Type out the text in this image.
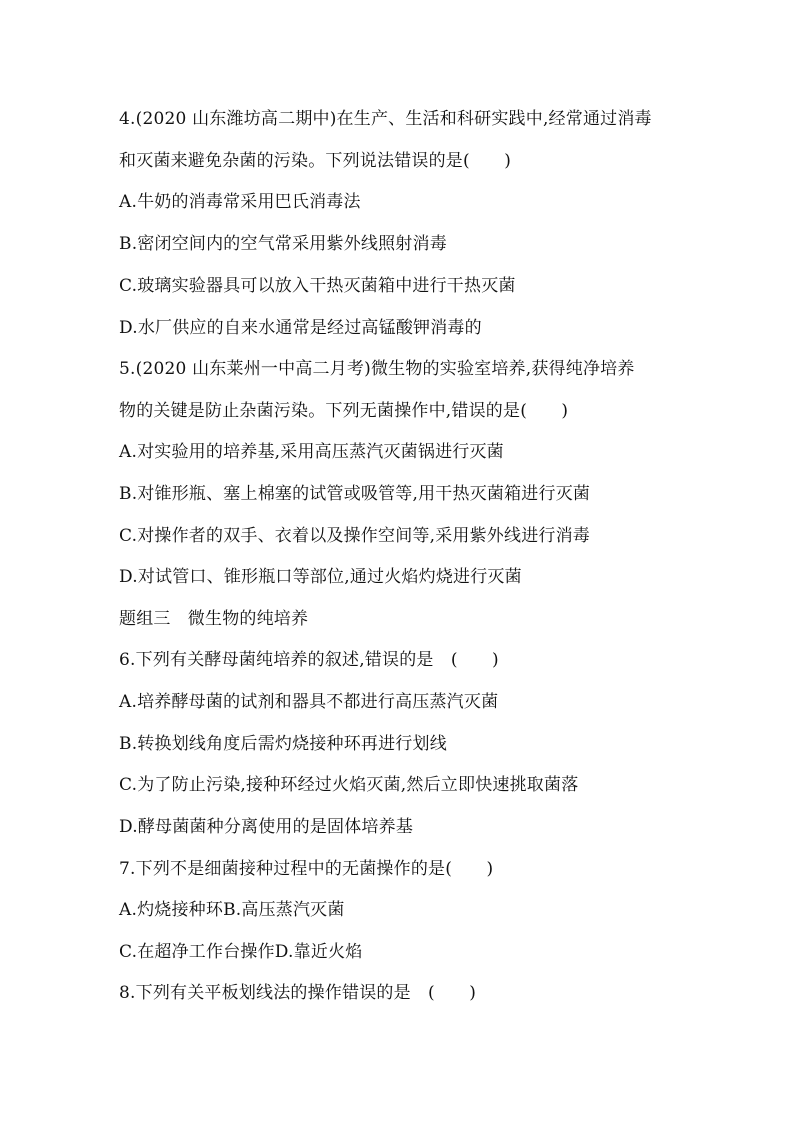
4.(2020 山东潍坊高二期中)在生产、生活和科研实践中,经常通过消毒
和灭菌来避免杂菌的污染。下列说法错误的是(　　)
A.牛奶的消毒常采用巴氏消毒法
B.密闭空间内的空气常采用紫外线照射消毒
C.玻璃实验器具可以放入干热灭菌箱中进行干热灭菌
D.水厂供应的自来水通常是经过高锰酸钾消毒的
5.(2020 山东莱州一中高二月考)微生物的实验室培养,获得纯净培养
物的关键是防止杂菌污染。下列无菌操作中,错误的是(　　)
A.对实验用的培养基,采用高压蒸汽灭菌锅进行灭菌
B.对锥形瓶、塞上棉塞的试管或吸管等,用干热灭菌箱进行灭菌
C.对操作者的双手、衣着以及操作空间等,采用紫外线进行消毒
D.对试管口、锥形瓶口等部位,通过火焰灼烧进行灭菌
题组三　微生物的纯培养
6.下列有关酵母菌纯培养的叙述,错误的是　(　　)
A.培养酵母菌的试剂和器具不都进行高压蒸汽灭菌
B.转换划线角度后需灼烧接种环再进行划线
C.为了防止污染,接种环经过火焰灭菌,然后立即快速挑取菌落
D.酵母菌菌种分离使用的是固体培养基
7.下列不是细菌接种过程中的无菌操作的是(　　)
A.灼烧接种环B.高压蒸汽灭菌
C.在超净工作台操作D.靠近火焰
8.下列有关平板划线法的操作错误的是　(　　)
